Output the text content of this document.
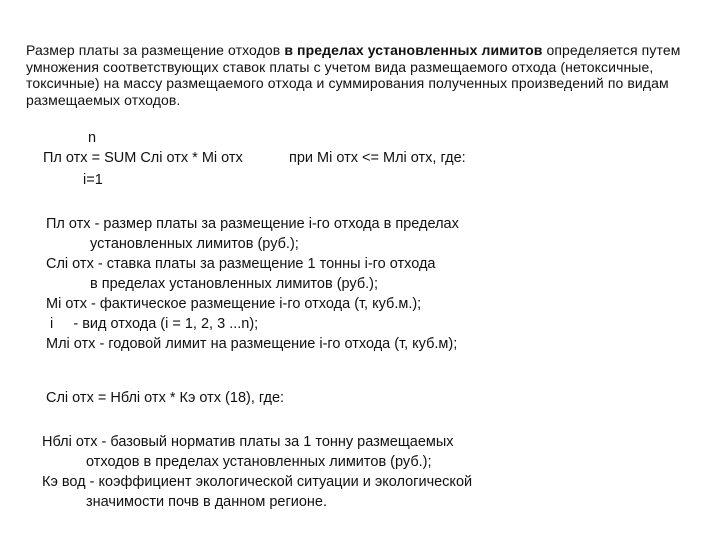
Размер платы за размещение отходов в пределах установленных лимитов определяется путем умножения соответствующих ставок платы с учетом вида размещаемого отхода (нетоксичные, токсичные) на массу размещаемого отхода и суммирования полученных произведений по видам размещаемых отходов.
n
Пл отх = SUM Слi отх * Мi отх	при Мi отх <= Млi отх, где:
i=1
Пл отх - размер платы за размещение i-го отхода в пределах
установленных лимитов (руб.);
Слi отх - ставка платы за размещение 1 тонны i-го отхода
в пределах установленных лимитов (руб.);
Мi отх - фактическое размещение i-го отхода (т, куб.м.);
i     - вид отхода (i = 1, 2, 3 ...n);
Млi отх - годовой лимит на размещение i-го отхода (т, куб.м);
Слi отх = Нблi отх * Кэ отх (18), где:
Нблi отх - базовый норматив платы за 1 тонну размещаемых
отходов в пределах установленных лимитов (руб.);
Кэ вод - коэффициент экологической ситуации и экологической
значимости почв в данном регионе.
